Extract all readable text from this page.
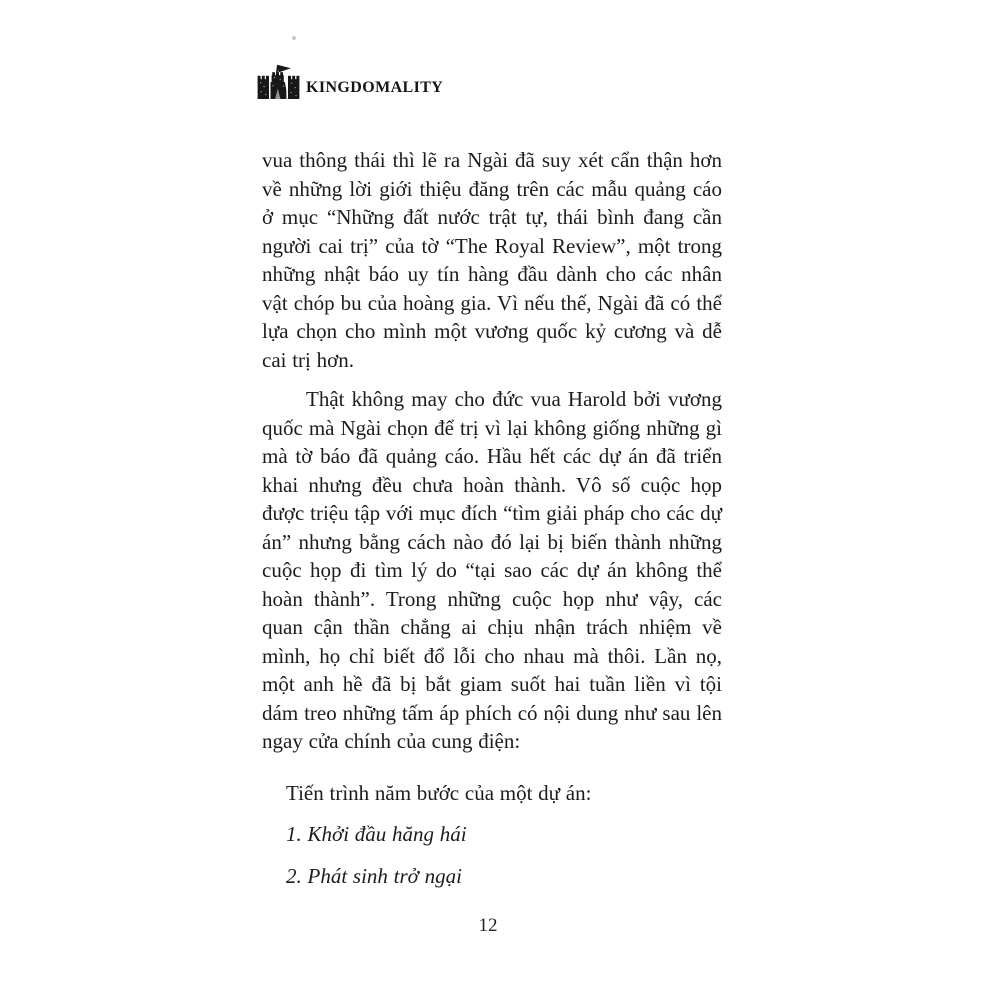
KINGDOMALITY

vua thông thái thì lẽ ra Ngài đã suy xét cẩn thận hơn về những lời giới thiệu đăng trên các mẫu quảng cáo ở mục “Những đất nước trật tự, thái bình đang cần người cai trị” của tờ “The Royal Review”, một trong những nhật báo uy tín hàng đầu dành cho các nhân vật chóp bu của hoàng gia. Vì nếu thế, Ngài đã có thể lựa chọn cho mình một vương quốc kỷ cương và dễ cai trị hơn.

Thật không may cho đức vua Harold bởi vương quốc mà Ngài chọn để trị vì lại không giống những gì mà tờ báo đã quảng cáo. Hầu hết các dự án đã triển khai nhưng đều chưa hoàn thành. Vô số cuộc họp được triệu tập với mục đích “tìm giải pháp cho các dự án” nhưng bằng cách nào đó lại bị biến thành những cuộc họp đi tìm lý do “tại sao các dự án không thể hoàn thành”. Trong những cuộc họp như vậy, các quan cận thần chẳng ai chịu nhận trách nhiệm về mình, họ chỉ biết đổ lỗi cho nhau mà thôi. Lần nọ, một anh hề đã bị bắt giam suốt hai tuần liền vì tội dám treo những tấm áp phích có nội dung như sau lên ngay cửa chính của cung điện:

Tiến trình năm bước của một dự án:

1. Khởi đầu hăng hái

2. Phát sinh trở ngại

12
